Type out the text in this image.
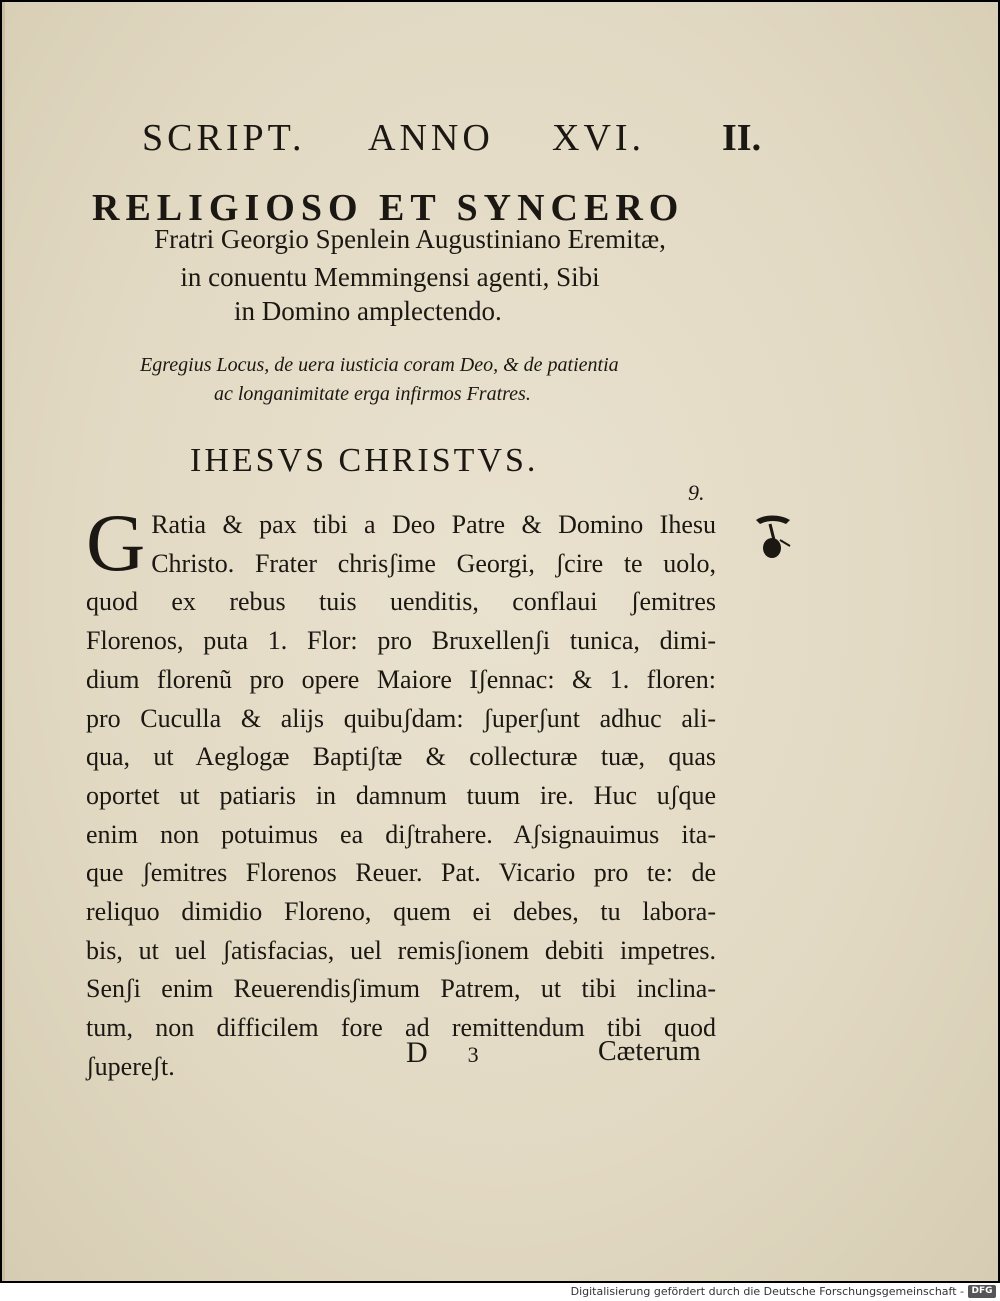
SCRIPT. ANNO XVI. II.
RELIGIOSO ET SYNCERO
Fratri Georgio Spenlein Augustiniano Eremitæ,
in conuentu Memmingensi agenti, Sibi
in Domino amplectendo.
Egregius Locus, de uera iusticia coram Deo, & de patientia
ac longanimitate erga infirmos Fratres.
IHESVS CHRISTVS.
9.
G Ratia & pax tibi a Deo Patre & Domino Ihesu
Christo. Frater chrisʃime Georgi, ʃcire te uolo,
quod ex rebus tuis uenditis, conflaui ʃemitres
Florenos, puta 1. Flor: pro Bruxellenʃi tunica, dimi-
dium florenũ pro opere Maiore Iʃennac: & 1. floren:
pro Cuculla & alijs quibuʃdam: ʃuperʃunt adhuc ali-
qua, ut Aeglogæ Baptiʃtæ & collecturæ tuæ, quas
oportet ut patiaris in damnum tuum ire. Huc uʃque
enim non potuimus ea diʃtrahere. Aʃsignauimus ita-
que ʃemitres Florenos Reuer. Pat. Vicario pro te: de
reliquo dimidio Floreno, quem ei debes, tu labora-
bis, ut uel ʃatisfacias, uel remisʃionem debiti impetres.
Senʃi enim Reuerendisʃimum Patrem, ut tibi inclina-
tum, non difficilem fore ad remittendum tibi quod
ʃupereʃt.	D 3	Cæterum
Digitalisierung gefördert durch die Deutsche Forschungsgemeinschaft - DFG
